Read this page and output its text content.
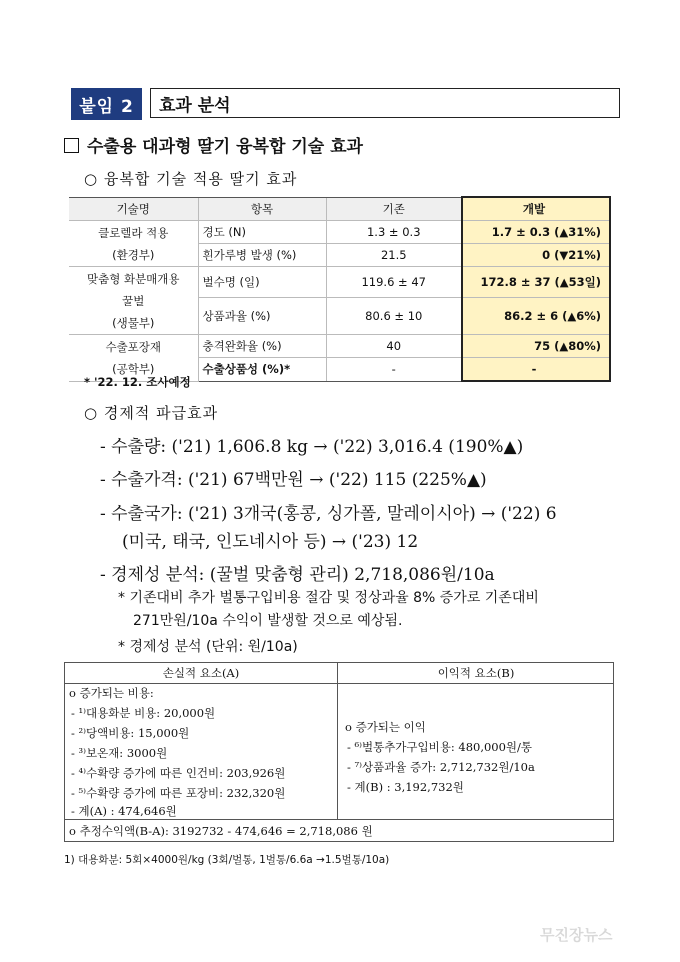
붙임 2	효과 분석
수출용 대과형 딸기 융복합 기술 효과
○ 융복합 기술 적용 딸기 효과
기술명	항목	기존	개발

클로렐라 적용
(환경부)	경도 (N)	1.3 ± 0.3	1.7 ± 0.3 (▲31%)
	흰가루병 발생 (%)	21.5	0 (▼21%)

맞춤형 화분매개용
꿀벌
(생물부)	벌수명 (일)	119.6 ± 47	172.8 ± 37 (▲53일)
	상품과율 (%)	80.6 ± 10	86.2 ± 6 (▲6%)

수출포장재
(공학부)	충격완화율 (%)	40	75 (▲80%)
	수출상품성 (%)*	-	-
* '22. 12. 조사예정
○ 경제적 파급효과
- 수출량: ('21) 1,606.8 kg → ('22) 3,016.4 (190%▲)
- 수출가격: ('21) 67백만원 → ('22) 115 (225%▲)
- 수출국가: ('21) 3개국(홍콩, 싱가폴, 말레이시아) → ('22) 6
(미국, 태국, 인도네시아 등) → ('23) 12
- 경제성 분석: (꿀벌 맞춤형 관리) 2,718,086원/10a
* 기존대비 추가 벌통구입비용 절감 및 정상과율 8% 증가로 기존대비
271만원/10a 수익이 발생할 것으로 예상됨.
* 경제성 분석 (단위: 원/10a)
손실적 요소(A)	이익적 요소(B)
o 증가되는 비용:
- ¹⁾대용화분 비용: 20,000원
- ²⁾당액비용: 15,000원
- ³⁾보온재: 3000원
- ⁴⁾수확량 증가에 따른 인건비: 203,926원
- ⁵⁾수확량 증가에 따른 포장비: 232,320원
- 계(A) : 474,646원
o 증가되는 이익
- ⁶⁾벌통추가구입비용: 480,000원/통
- ⁷⁾상품과율 증가: 2,712,732원/10a
- 계(B) : 3,192,732원
o 추정수익액(B-A): 3192732 - 474,646 = 2,718,086 원
1) 대용화분: 5회×4000원/kg (3회/벌통, 1벌통/6.6a →1.5벌통/10a)
무진장뉴스
